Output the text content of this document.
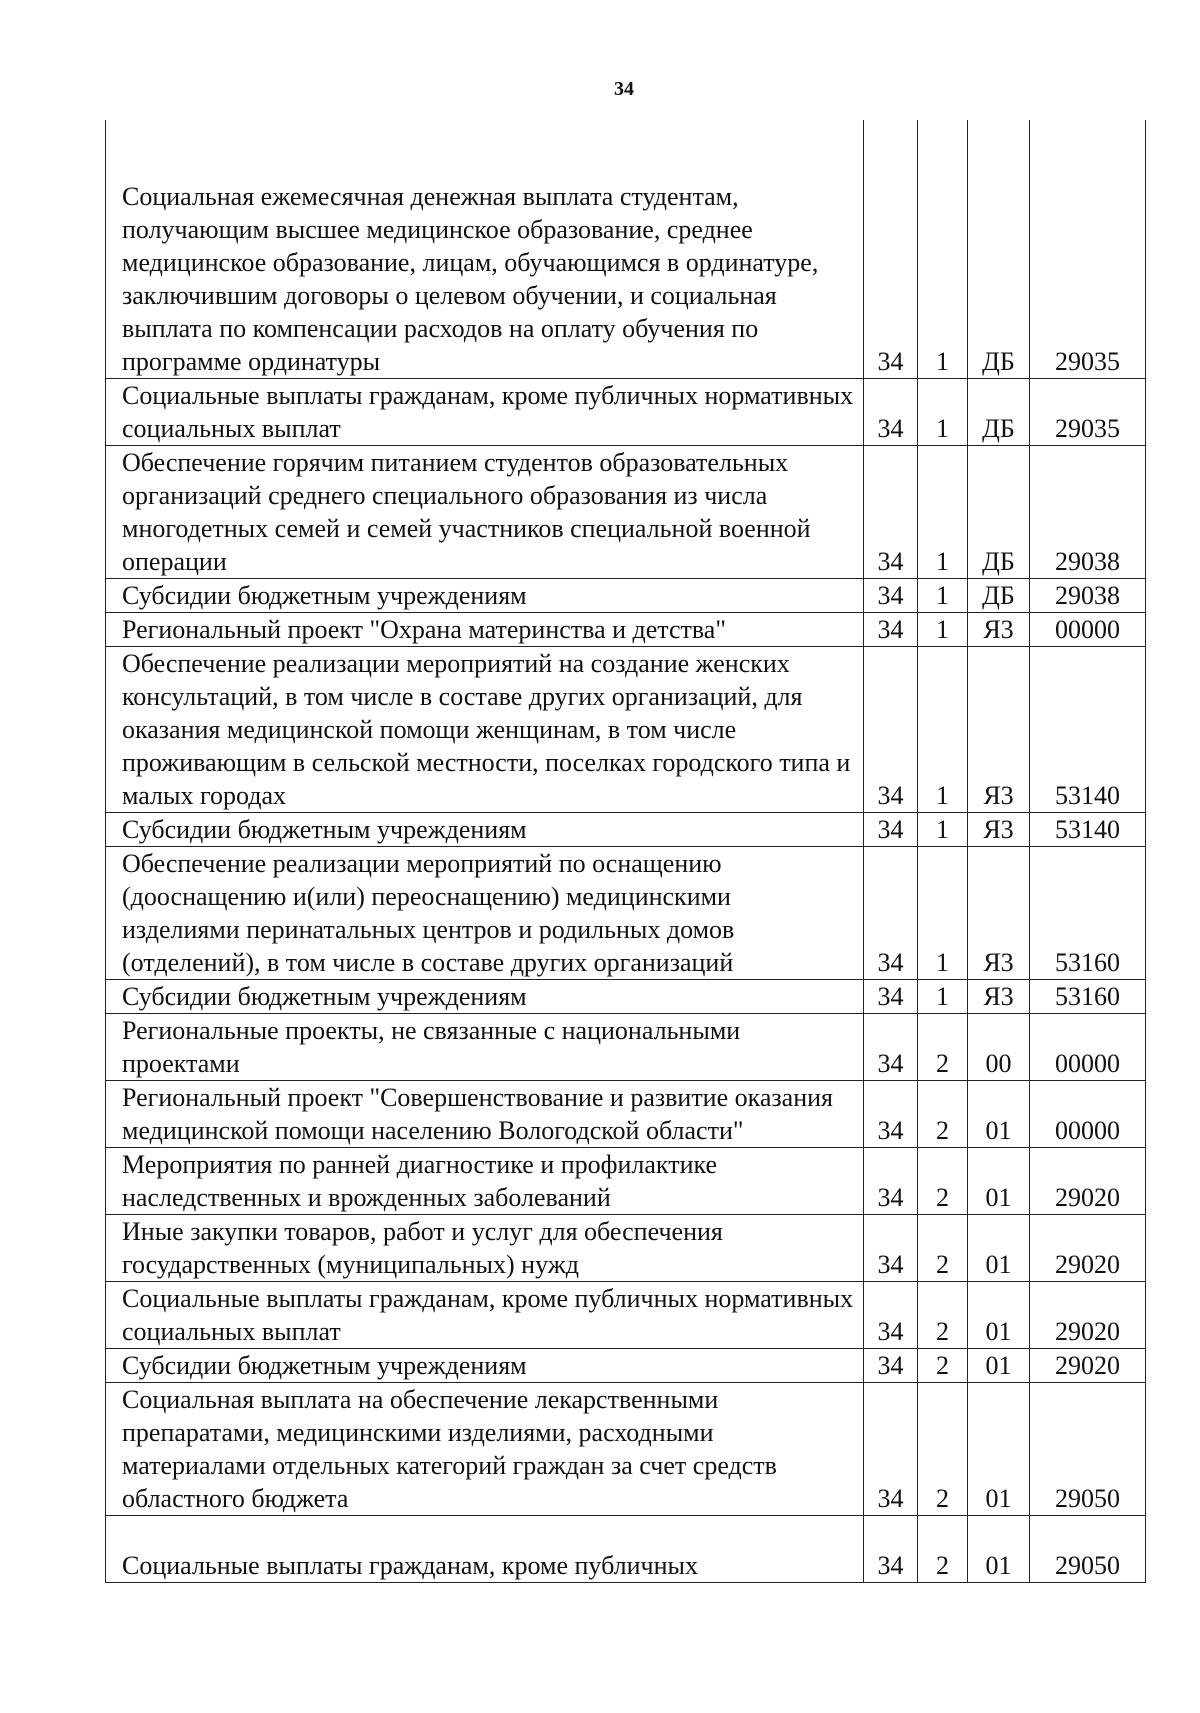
34

Социальная ежемесячная денежная выплата студентам, получающим высшее медицинское образование, среднее медицинское образование, лицам, обучающимся в ординатуре, заключившим договоры о целевом обучении, и социальная выплата по компенсации расходов на оплату обучения по программе ординатуры	34	1	ДБ	29035
Социальные выплаты гражданам, кроме публичных нормативных социальных выплат	34	1	ДБ	29035
Обеспечение горячим питанием студентов образовательных организаций среднего специального образования из числа многодетных семей и семей участников специальной военной операции	34	1	ДБ	29038
Субсидии бюджетным учреждениям	34	1	ДБ	29038
Региональный проект "Охрана материнства и детства"	34	1	Я3	00000
Обеспечение реализации мероприятий на создание женских консультаций, в том числе в составе других организаций, для оказания медицинской помощи женщинам, в том числе проживающим в сельской местности, поселках городского типа и малых городах	34	1	Я3	53140
Субсидии бюджетным учреждениям	34	1	Я3	53140
Обеспечение реализации мероприятий по оснащению (дооснащению и(или) переоснащению) медицинскими изделиями перинатальных центров и родильных домов (отделений), в том числе в составе других организаций	34	1	Я3	53160
Субсидии бюджетным учреждениям	34	1	Я3	53160
Региональные проекты, не связанные с национальными проектами	34	2	00	00000
Региональный проект "Совершенствование и развитие оказания медицинской помощи населению Вологодской области"	34	2	01	00000
Мероприятия по ранней диагностике и профилактике наследственных и врожденных заболеваний	34	2	01	29020
Иные закупки товаров, работ и услуг для обеспечения государственных (муниципальных) нужд	34	2	01	29020
Социальные выплаты гражданам, кроме публичных нормативных социальных выплат	34	2	01	29020
Субсидии бюджетным учреждениям	34	2	01	29020
Социальная выплата на обеспечение лекарственными препаратами, медицинскими изделиями, расходными материалами отдельных категорий граждан за счет средств областного бюджета	34	2	01	29050
Социальные выплаты гражданам, кроме публичных	34	2	01	29050
